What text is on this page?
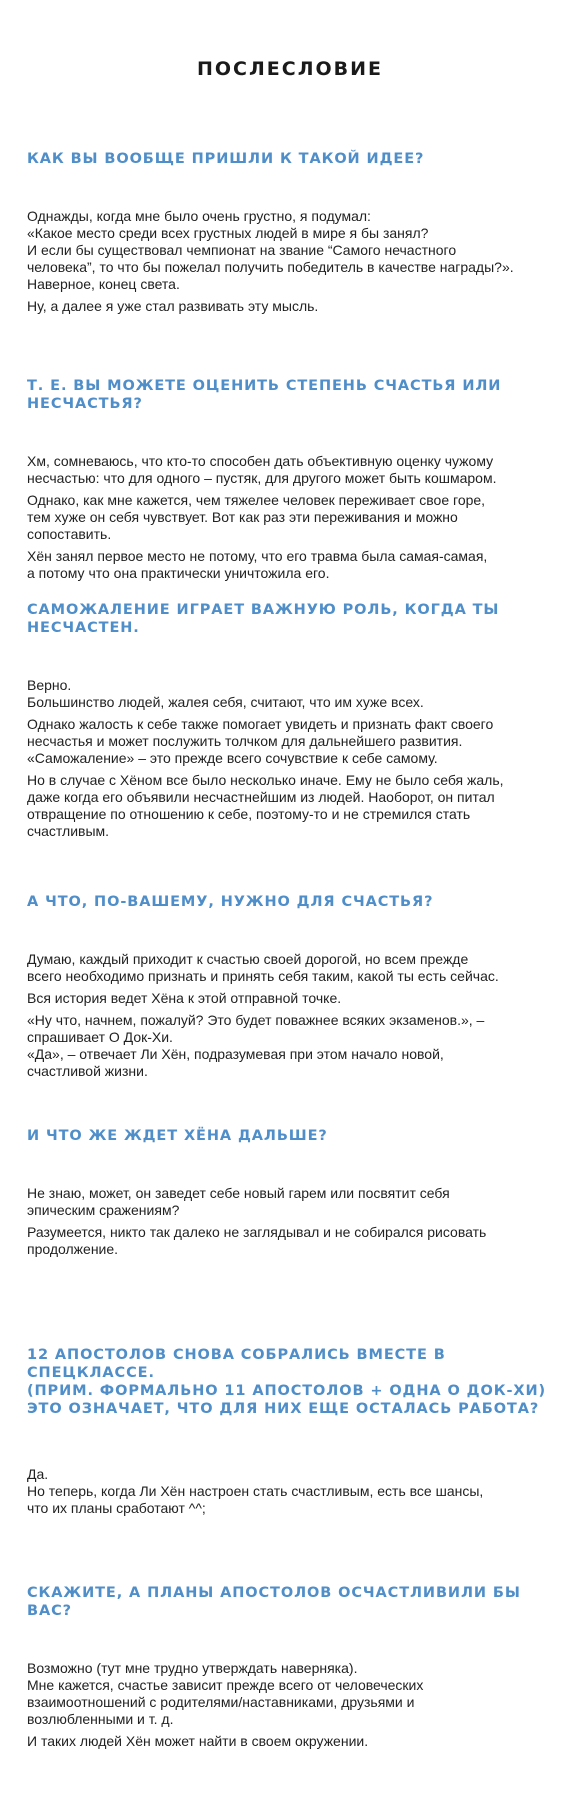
ПОСЛЕСЛОВИЕ
КАК ВЫ ВООБЩЕ ПРИШЛИ К ТАКОЙ ИДЕЕ?

Однажды, когда мне было очень грустно, я подумал:
«Какое место среди всех грустных людей в мире я бы занял?
И если бы существовал чемпионат на звание “Самого нечастного
человека”, то что бы пожелал получить победитель в качестве награды?».
Наверное, конец света.

Ну, а далее я уже стал развивать эту мысль.

Т. Е. ВЫ МОЖЕТЕ ОЦЕНИТЬ СТЕПЕНЬ СЧАСТЬЯ ИЛИ НЕСЧАСТЬЯ?

Хм, сомневаюсь, что кто-то способен дать объективную оценку чужому
несчастью: что для одного – пустяк, для другого может быть кошмаром.

Однако, как мне кажется, чем тяжелее человек переживает свое горе,
тем хуже он себя чувствует. Вот как раз эти переживания и можно
сопоставить.

Хён занял первое место не потому, что его травма была самая-самая,
а потому что она практически уничтожила его.

САМОЖАЛЕНИЕ ИГРАЕТ ВАЖНУЮ РОЛЬ, КОГДА ТЫ НЕСЧАСТЕН.

Верно.
Большинство людей, жалея себя, считают, что им хуже всех.

Однако жалость к себе также помогает увидеть и признать факт своего
несчастья и может послужить толчком для дальнейшего развития.
«Саможаление» – это прежде всего сочувствие к себе самому.

Но в случае с Хёном все было несколько иначе. Ему не было себя жаль,
даже когда его объявили несчастнейшим из людей. Наоборот, он питал
отвращение по отношению к себе, поэтому-то и не стремился стать
счастливым.

А ЧТО, ПО-ВАШЕМУ, НУЖНО ДЛЯ СЧАСТЬЯ?

Думаю, каждый приходит к счастью своей дорогой, но всем прежде
всего необходимо признать и принять себя таким, какой ты есть сейчас.

Вся история ведет Хёна к этой отправной точке.

«Ну что, начнем, пожалуй? Это будет поважнее всяких экзаменов.», –
спрашивает О Док-Хи.
«Да», – отвечает Ли Хён, подразумевая при этом начало новой,
счастливой жизни.

И ЧТО ЖЕ ЖДЕТ ХЁНА ДАЛЬШЕ?

Не знаю, может, он заведет себе новый гарем или посвятит себя
эпическим сражениям?

Разумеется, никто так далеко не заглядывал и не собирался рисовать
продолжение.

12 АПОСТОЛОВ СНОВА СОБРАЛИСЬ ВМЕСТЕ В СПЕЦКЛАССЕ.
(ПРИМ. ФОРМАЛЬНО 11 АПОСТОЛОВ + ОДНА О ДОК-ХИ)
ЭТО ОЗНАЧАЕТ, ЧТО ДЛЯ НИХ ЕЩЕ ОСТАЛАСЬ РАБОТА?

Да.
Но теперь, когда Ли Хён настроен стать счастливым, есть все шансы,
что их планы сработают ^^;

СКАЖИТЕ, А ПЛАНЫ АПОСТОЛОВ ОСЧАСТЛИВИЛИ БЫ ВАС?

Возможно (тут мне трудно утверждать наверняка).
Мне кажется, счастье зависит прежде всего от человеческих
взаимоотношений с родителями/наставниками, друзьями и
возлюбленными и т. д.

И таких людей Хён может найти в своем окружении.
